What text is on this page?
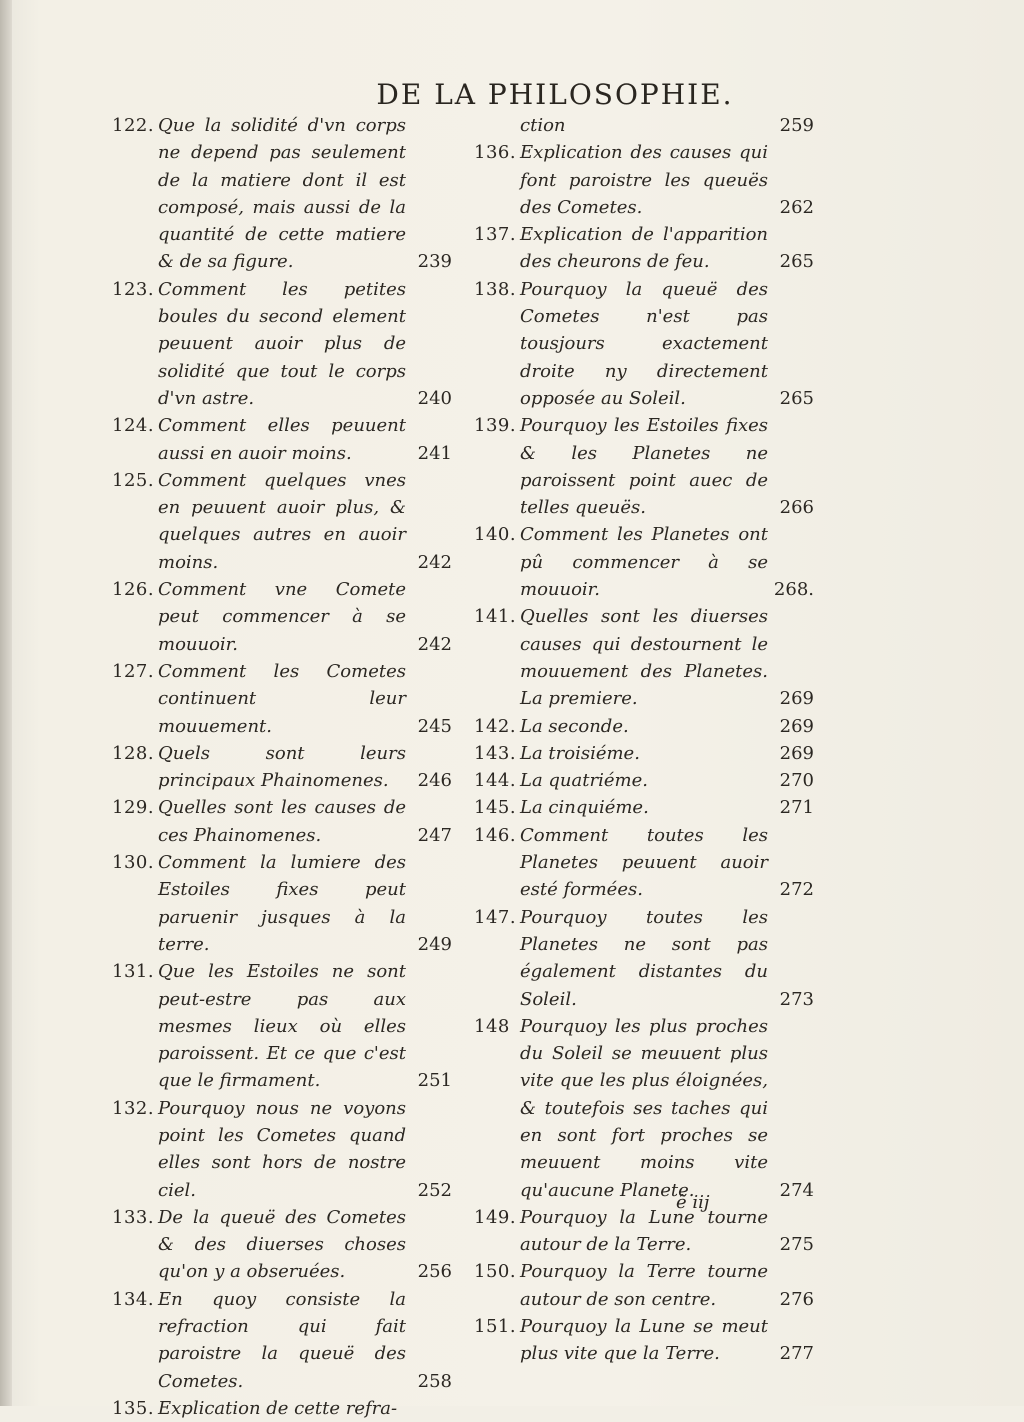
DE LA PHILOSOPHIE.
122. Que la solidité d'vn corps ne depend pas seulement de la matiere dont il est composé, mais aussi de la quantité de cette matiere & de sa figure.	239
123. Comment les petites boules du second element peuuent auoir plus de solidité que tout le corps d'vn astre.	240
124. Comment elles peuuent aussi en auoir moins.	241
125. Comment quelques vnes en peuuent auoir plus, & quelques autres en auoir moins.	242
126. Comment vne Comete peut commencer à se mouuoir.	242
127. Comment les Cometes continuent leur mouuement.	245
128. Quels sont leurs principaux Phainomenes.	246
129. Quelles sont les causes de ces Phainomenes.	247
130. Comment la lumiere des Estoiles fixes peut paruenir jusques à la terre.	249
131. Que les Estoiles ne sont peut-estre pas aux mesmes lieux où elles paroissent. Et ce que c'est que le firmament.	251
132. Pourquoy nous ne voyons point les Cometes quand elles sont hors de nostre ciel.	252
133. De la queuë des Cometes & des diuerses choses qu'on y a obseruées.	256
134. En quoy consiste la refraction qui fait paroistre la queuë des Cometes.	258
135. Explication de cette refra-
ction	259
136. Explication des causes qui font paroistre les queuës des Cometes.	262
137. Explication de l'apparition des cheurons de feu.	265
138. Pourquoy la queuë des Cometes n'est pas tousjours exactement droite ny directement opposée au Soleil.	265
139. Pourquoy les Estoiles fixes & les Planetes ne paroissent point auec de telles queuës.	266
140. Comment les Planetes ont pû commencer à se mouuoir.	268.
141. Quelles sont les diuerses causes qui destournent le mouuement des Planetes. La premiere.	269
142. La seconde.	269
143. La troisiéme.	269
144. La quatriéme.	270
145. La cinquiéme.	271
146. Comment toutes les Planetes peuuent auoir esté formées.	272
147. Pourquoy toutes les Planetes ne sont pas également distantes du Soleil.	273
148 Pourquoy les plus proches du Soleil se meuuent plus vite que les plus éloignées, & toutefois ses taches qui en sont fort proches se meuuent moins vite qu'aucune Planete.	274
149. Pourquoy la Lune tourne autour de la Terre.	275
150. Pourquoy la Terre tourne autour de son centre.	276
151. Pourquoy la Lune se meut plus vite que la Terre.	277
ẽ iij
